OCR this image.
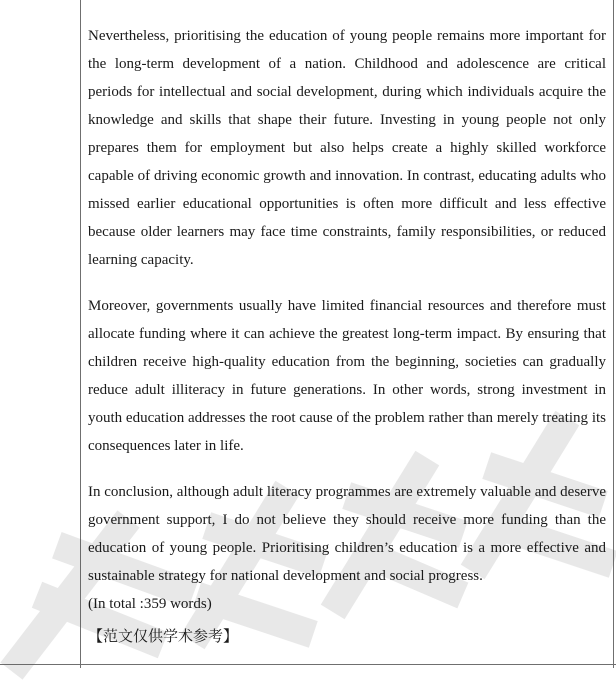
Nevertheless, prioritising the education of young people remains more important for the long-term development of a nation. Childhood and adolescence are critical periods for intellectual and social development, during which individuals acquire the knowledge and skills that shape their future. Investing in young people not only prepares them for employment but also helps create a highly skilled workforce capable of driving economic growth and innovation. In contrast, educating adults who missed earlier educational opportunities is often more difficult and less effective because older learners may face time constraints, family responsibilities, or reduced learning capacity.

Moreover, governments usually have limited financial resources and therefore must allocate funding where it can achieve the greatest long-term impact. By ensuring that children receive high-quality education from the beginning, societies can gradually reduce adult illiteracy in future generations. In other words, strong investment in youth education addresses the root cause of the problem rather than merely treating its consequences later in life.

In conclusion, although adult literacy programmes are extremely valuable and deserve government support, I do not believe they should receive more funding than the education of young people. Prioritising children’s education is a more effective and sustainable strategy for national development and social progress.

(In total :359 words)

【范文仅供学术参考】
